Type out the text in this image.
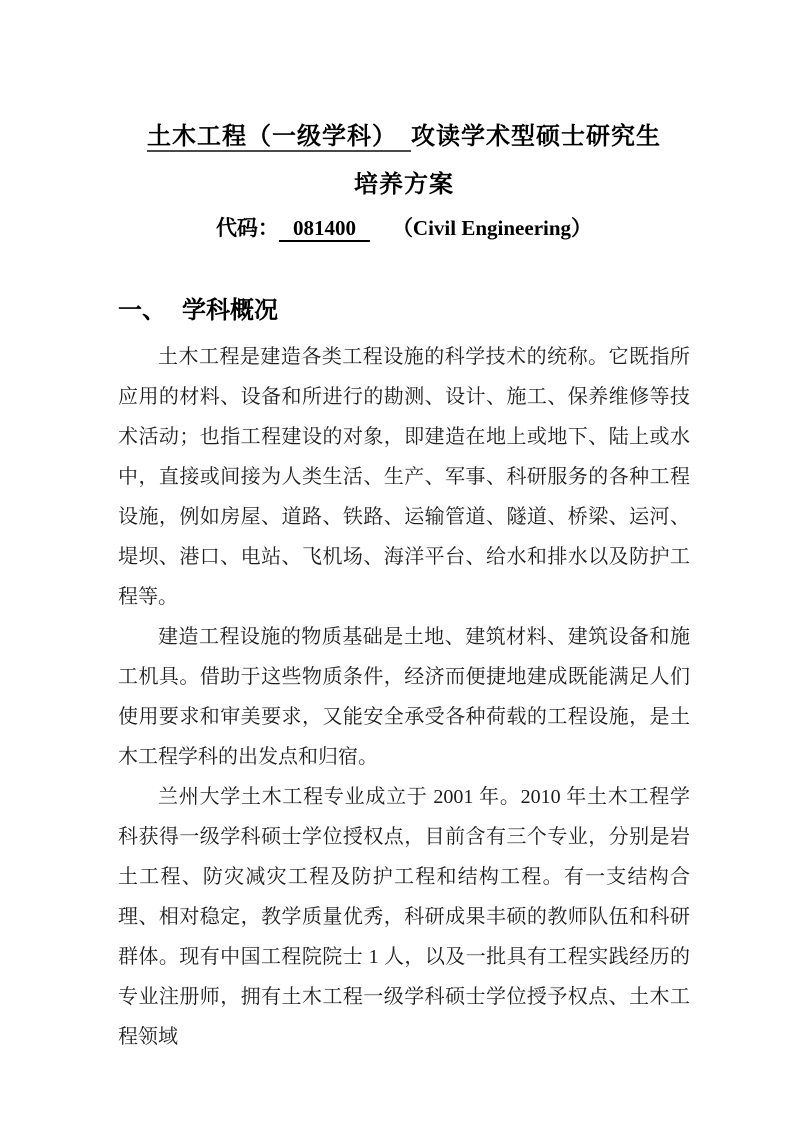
土木工程（一级学科） 攻读学术型硕士研究生
培养方案
代码： 081400 （Civil Engineering）
一、 学科概况

土木工程是建造各类工程设施的科学技术的统称。它既指所应用的材料、设备和所进行的勘测、设计、施工、保养维修等技术活动；也指工程建设的对象，即建造在地上或地下、陆上或水中，直接或间接为人类生活、生产、军事、科研服务的各种工程设施，例如房屋、道路、铁路、运输管道、隧道、桥梁、运河、堤坝、港口、电站、飞机场、海洋平台、给水和排水以及防护工程等。

建造工程设施的物质基础是土地、建筑材料、建筑设备和施工机具。借助于这些物质条件，经济而便捷地建成既能满足人们使用要求和审美要求，又能安全承受各种荷载的工程设施，是土木工程学科的出发点和归宿。

兰州大学土木工程专业成立于 2001 年。2010 年土木工程学科获得一级学科硕士学位授权点，目前含有三个专业，分别是岩土工程、防灾减灾工程及防护工程和结构工程。有一支结构合理、相对稳定，教学质量优秀，科研成果丰硕的教师队伍和科研群体。现有中国工程院院士 1 人，以及一批具有工程实践经历的专业注册师，拥有土木工程一级学科硕士学位授予权点、土木工程领域
